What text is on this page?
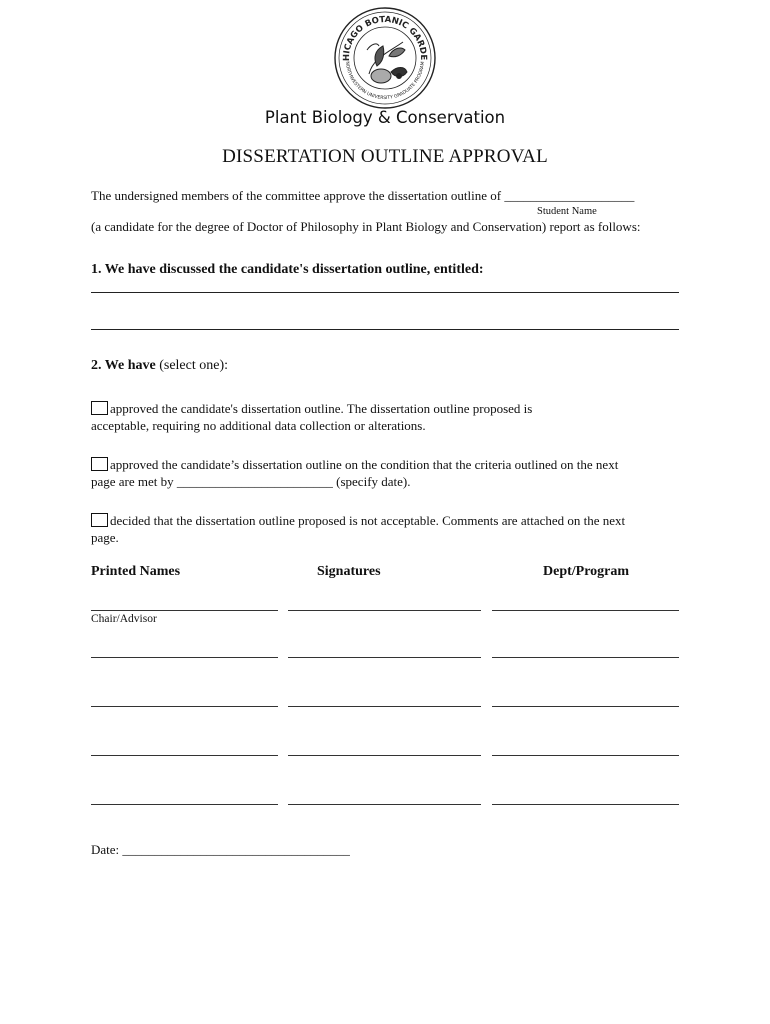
HICAGO BOTANIC GARDE
NORTHWESTERN UNIVERSITY GRADUATE PROGRAM
Plant Biology & Conservation
DISSERTATION OUTLINE APPROVAL
The undersigned members of the committee approve the dissertation outline of ____________________
Student Name
(a candidate for the degree of Doctor of Philosophy in Plant Biology and Conservation) report as follows:
1. We have discussed the candidate's dissertation outline, entitled:
2. We have (select one):
approved the candidate's dissertation outline. The dissertation outline proposed is
acceptable, requiring no additional data collection or alterations.
approved the candidate’s dissertation outline on the condition that the criteria outlined on the next
page are met by ________________________ (specify date).
decided that the dissertation outline proposed is not acceptable. Comments are attached on the next
page.
Printed Names	Signatures	Dept/Program
Chair/Advisor
Date: ___________________________________
